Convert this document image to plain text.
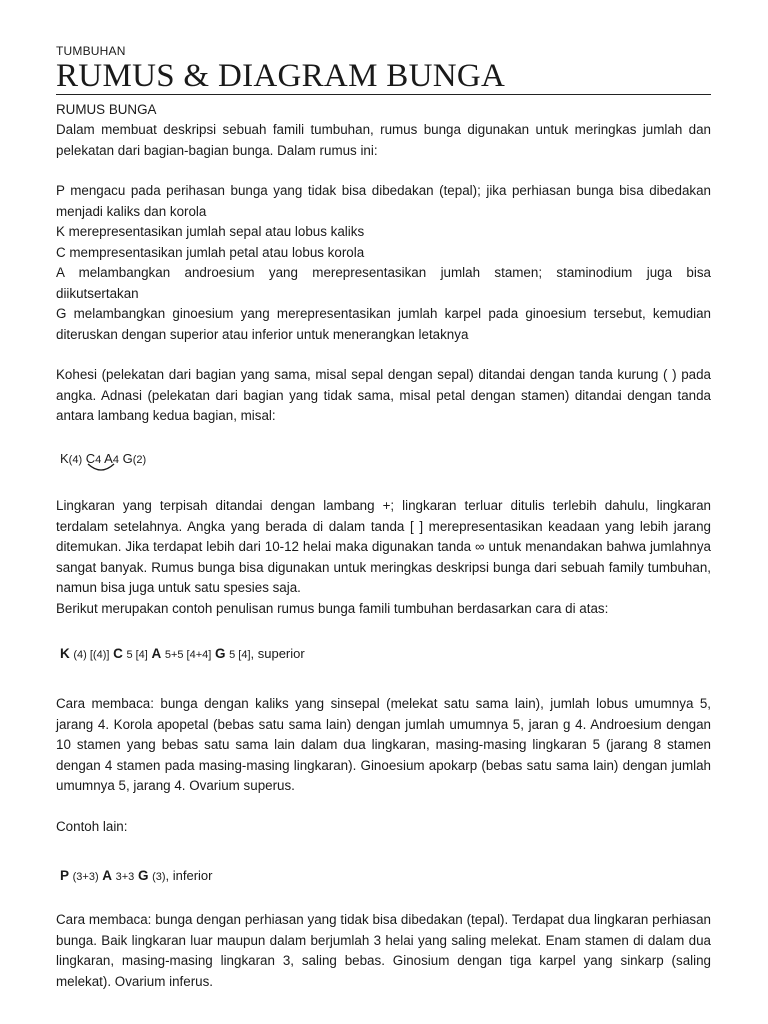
TUMBUHAN
RUMUS & DIAGRAM BUNGA
RUMUS BUNGA

Dalam membuat deskripsi sebuah famili tumbuhan, rumus bunga digunakan untuk meringkas jumlah dan pelekatan dari bagian-bagian bunga. Dalam rumus ini:

P mengacu pada perihasan bunga yang tidak bisa dibedakan (tepal); jika perhiasan bunga bisa dibedakan menjadi kaliks dan korola

K merepresentasikan jumlah sepal atau lobus kaliks
C mempresentasikan jumlah petal atau lobus korola
A melambangkan androesium yang merepresentasikan jumlah stamen; staminodium juga bisa
diikutsertakan

G melambangkan ginoesium yang merepresentasikan jumlah karpel pada ginoesium tersebut, kemudian diteruskan dengan superior atau inferior untuk menerangkan letaknya

Kohesi (pelekatan dari bagian yang sama, misal sepal dengan sepal) ditandai dengan tanda kurung ( ) pada angka. Adnasi (pelekatan dari bagian yang tidak sama, misal petal dengan stamen) ditandai dengan tanda antara lambang kedua bagian, misal:

K(4) C4 A4 G(2)

Lingkaran yang terpisah ditandai dengan lambang +; lingkaran terluar ditulis terlebih dahulu, lingkaran terdalam setelahnya. Angka yang berada di dalam tanda [ ] merepresentasikan keadaan yang lebih jarang ditemukan. Jika terdapat lebih dari 10-12 helai maka digunakan tanda ∞ untuk menandakan bahwa jumlahnya sangat banyak. Rumus bunga bisa digunakan untuk meringkas deskripsi bunga dari sebuah family tumbuhan, namun bisa juga untuk satu spesies saja.

Berikut merupakan contoh penulisan rumus bunga famili tumbuhan berdasarkan cara di atas:
K (4) [(4)] C 5 [4] A 5+5 [4+4] G 5 [4], superior

Cara membaca: bunga dengan kaliks yang sinsepal (melekat satu sama lain), jumlah lobus umumnya 5, jarang 4. Korola apopetal (bebas satu sama lain) dengan jumlah umumnya 5, jaran g 4. Androesium dengan 10 stamen yang bebas satu sama lain dalam dua lingkaran, masing-masing lingkaran 5 (jarang 8 stamen dengan 4 stamen pada masing-masing lingkaran). Ginoesium apokarp (bebas satu sama lain) dengan jumlah umumnya 5, jarang 4. Ovarium superus.

Contoh lain:
P (3+3) A 3+3 G (3), inferior

Cara membaca: bunga dengan perhiasan yang tidak bisa dibedakan (tepal). Terdapat dua lingkaran perhiasan bunga. Baik lingkaran luar maupun dalam berjumlah 3 helai yang saling melekat. Enam stamen di dalam dua lingkaran, masing-masing lingkaran 3, saling bebas. Ginosium dengan tiga karpel yang sinkarp (saling melekat). Ovarium inferus.
